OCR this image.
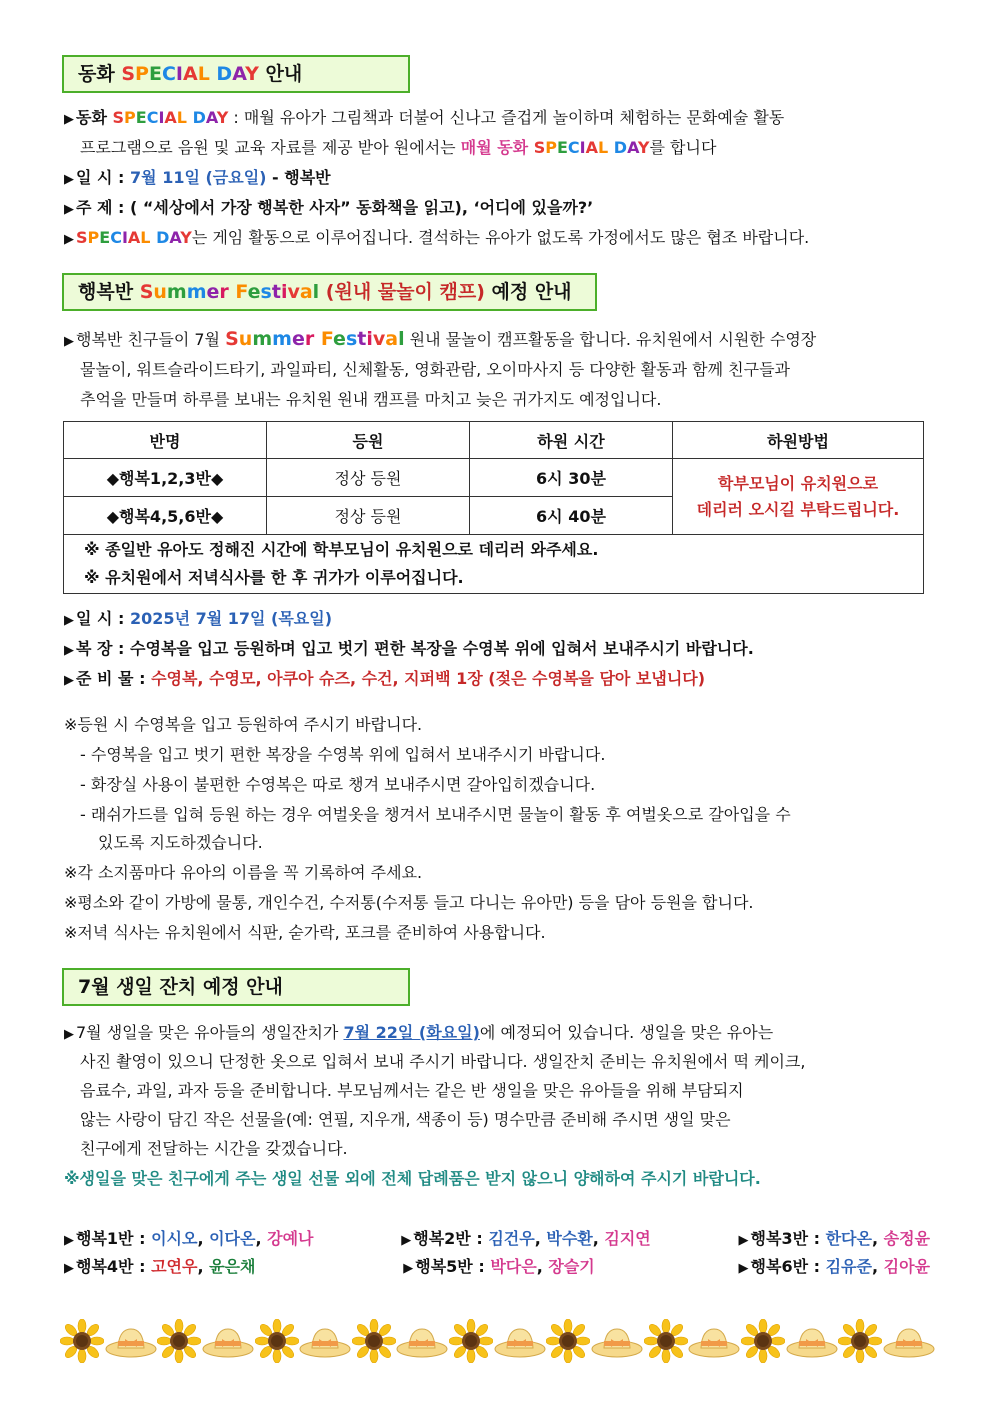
동화 SPECIAL DAY 안내
▶ 동화 SPECIAL DAY : 매월 유아가 그림책과 더불어 신나고 즐겁게 놀이하며 체험하는 문화예술 활동
프로그램으로 음원 및 교육 자료를 제공 받아 원에서는 매월 동화 SPECIAL DAY를 합니다
▶ 일 시 : 7월 11일 (금요일) - 행복반
▶ 주 제 : ( “세상에서 가장 행복한 사자” 동화책을 읽고), ‘어디에 있을까?’
▶ SPECIAL DAY는 게임 활동으로 이루어집니다. 결석하는 유아가 없도록 가정에서도 많은 협조 바랍니다.
행복반 Summer Festival (원내 물놀이 캠프) 예정 안내
▶ 행복반 친구들이 7월 Summer Festival 원내 물놀이 캠프활동을 합니다. 유치원에서 시원한 수영장
물놀이, 워트슬라이드타기, 과일파티, 신체활동, 영화관람, 오이마사지 등 다양한 활동과 함께 친구들과
추억을 만들며 하루를 보내는 유치원 원내 캠프를 마치고 늦은 귀가지도 예정입니다.
반명	등원	하원 시간	하원방법
◆행복1,2,3반◆	정상 등원	6시 30분	학부모님이 유치원으로
데리러 오시길 부탁드립니다.
◆행복4,5,6반◆	정상 등원	6시 40분	
※ 종일반 유아도 정해진 시간에 학부모님이 유치원으로 데리러 와주세요.
※ 유치원에서 저녁식사를 한 후 귀가가 이루어집니다.			
▶ 일 시 : 2025년 7월 17일 (목요일)
▶ 복 장 : 수영복을 입고 등원하며 입고 벗기 편한 복장을 수영복 위에 입혀서 보내주시기 바랍니다.
▶ 준 비 물 : 수영복, 수영모, 아쿠아 슈즈, 수건, 지퍼백 1장 (젖은 수영복을 담아 보냅니다)
※등원 시 수영복을 입고 등원하여 주시기 바랍니다.
- 수영복을 입고 벗기 편한 복장을 수영복 위에 입혀서 보내주시기 바랍니다.
- 화장실 사용이 불편한 수영복은 따로 챙겨 보내주시면 갈아입히겠습니다.
- 래쉬가드를 입혀 등원 하는 경우 여벌옷을 챙겨서 보내주시면 물놀이 활동 후 여벌옷으로 갈아입을 수
있도록 지도하겠습니다.
※각 소지품마다 유아의 이름을 꼭 기록하여 주세요.
※평소와 같이 가방에 물통, 개인수건, 수저통(수저통 들고 다니는 유아만) 등을 담아 등원을 합니다.
※저녁 식사는 유치원에서 식판, 숟가락, 포크를 준비하여 사용합니다.
7월 생일 잔치 예정 안내
▶ 7월 생일을 맞은 유아들의 생일잔치가 7월 22일 (화요일)에 예정되어 있습니다. 생일을 맞은 유아는
사진 촬영이 있으니 단정한 옷으로 입혀서 보내 주시기 바랍니다. 생일잔치 준비는 유치원에서 떡 케이크,
음료수, 과일, 과자 등을 준비합니다. 부모님께서는 같은 반 생일을 맞은 유아들을 위해 부담되지
않는 사랑이 담긴 작은 선물을(예: 연필, 지우개, 색종이 등) 명수만큼 준비해 주시면 생일 맞은
친구에게 전달하는 시간을 갖겠습니다.
※생일을 맞은 친구에게 주는 생일 선물 외에 전체 답례품은 받지 않으니 양해하여 주시기 바랍니다.
▶ 행복1반 : 이시오, 이다온, 강예나	▶ 행복2반 : 김건우, 박수환, 김지연	▶ 행복3반 : 한다온, 송정윤
▶ 행복4반 : 고연우, 윤은채	▶ 행복5반 : 박다은, 장슬기	▶ 행복6반 : 김유준, 김아윤
